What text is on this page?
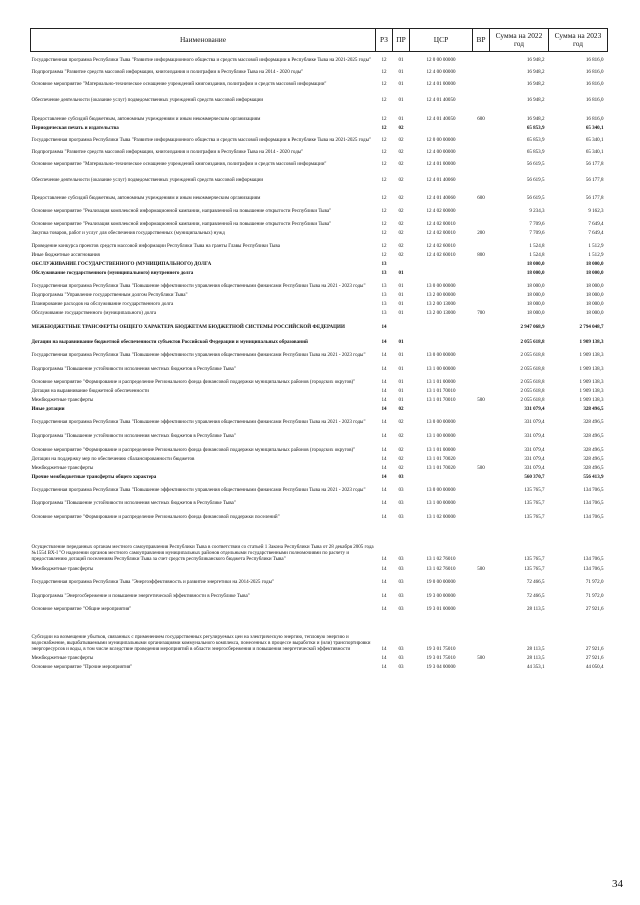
Наименование	РЗ	ПР	ЦСР	ВР	Сумма на 2022 год	Сумма на 2023 год
Государственная программа Республики Тыва "Развитие информационного общества и средств массовой информации в Республике Тыва на 2021-2025 годы"	12	01	12 0 00 00000		16 948,2	16 816,0
Подпрограмма "Развитие средств массовой информации, книгоиздания и полиграфии в Республике Тыва на 2014 - 2020 годы"	12	01	12 4 00 00000		16 948,2	16 816,0
Основное мероприятие "Материально-техническое оснащение учреждений книгоиздания, полиграфии и средств массовой информации"	12	01	12 4 01 00000		16 948,2	16 816,0
Обеспечение деятельности (оказание услуг) подведомственных учреждений средств массовой информации	12	01	12 4 01 40050		16 948,2	16 816,0
Предоставление субсидий бюджетным, автономным учреждениям и иным некоммерческим организациям	12	01	12 4 01 40050	600	16 948,2	16 816,0
Периодическая печать и издательства	12	02			65 853,9	65 340,1
Государственная программа Республики Тыва "Развитие информационного общества и средств массовой информации в Республике Тыва на 2021-2025 годы"	12	02	12 0 00 00000		65 853,9	65 340,1
Подпрограмма "Развитие средств массовой информации, книгоиздания и полиграфии в Республике Тыва на 2014 - 2020 годы"	12	02	12 4 00 00000		65 853,9	65 340,1
Основное мероприятие "Материально-техническое оснащение учреждений книгоиздания, полиграфии и средств массовой информации"	12	02	12 4 01 00000		56 619,5	56 177,8
Обеспечение деятельности (оказание услуг) подведомственных учреждений средств массовой информации	12	02	12 4 01 40060		56 619,5	56 177,8
Предоставление субсидий бюджетным, автономным учреждениям и иным некоммерческим организациям	12	02	12 4 01 40060	600	56 619,5	56 177,8
Основное мероприятие "Реализация комплексной информационной кампании, направленной на повышение открытости Республики Тыва"	12	02	12 4 02 00000		9 234,3	9 162,3
Основное мероприятие "Реализация комплексной информационной кампании, направленной на повышение открытости Республики Тыва"	12	02	12 4 02 00010		7 709,6	7 649,4
Закупка товаров, работ и услуг для обеспечения государственных (муниципальных) нужд	12	02	12 4 02 00010	200	7 709,6	7 649,4
Проведение конкурса проектов средств массовой информации Республики Тыва на гранты Главы Республики Тыва	12	02	12 4 02 60010		1 524,8	1 512,9
Иные бюджетные ассигнования	12	02	12 4 02 60010	800	1 524,8	1 512,9
ОБСЛУЖИВАНИЕ ГОСУДАРСТВЕННОГО (МУНИЦИПАЛЬНОГО) ДОЛГА	13				18 000,0	18 000,0
Обслуживание государственного (муниципального) внутреннего долга	13	01			18 000,0	18 000,0
Государственная программа Республики Тыва "Повышение эффективности управления общественными финансами Республики Тыва на 2021 - 2023 годы"	13	01	13 0 00 00000		18 000,0	18 000,0
Подпрограмма "Управление государственным долгом Республики Тыва"	13	01	13 2 00 00000		18 000,0	18 000,0
Планирование расходов на обслуживание государственного долга	13	01	13 2 00 13000		18 000,0	18 000,0
Обслуживание государственного (муниципального) долга	13	01	13 2 00 13000	700	18 000,0	18 000,0
МЕЖБЮДЖЕТНЫЕ ТРАНСФЕРТЫ ОБЩЕГО ХАРАКТЕРА БЮДЖЕТАМ БЮДЖЕТНОЙ СИСТЕМЫ РОССИЙСКОЙ ФЕДЕРАЦИИ	14				2 947 068,9	2 794 048,7
Дотации на выравнивание бюджетной обеспеченности субъектов Российской Федерации и муниципальных образований	14	01			2 055 618,8	1 909 138,3
Государственная программа Республики Тыва "Повышение эффективности управления общественными финансами Республики Тыва на 2021 - 2023 годы"	14	01	13 0 00 00000		2 055 618,8	1 909 138,3
Подпрограмма "Повышение устойчивости исполнения местных бюджетов в Республике Тыва"	14	01	13 1 00 00000		2 055 618,8	1 909 138,3
Основное мероприятие "Формирование и распределение Регионального фонда финансовой поддержки муниципальных районов (городских округов)"	14	01	13 1 01 00000		2 055 618,8	1 909 138,3
Дотация на выравнивание бюджетной обеспеченности	14	01	13 1 01 70010		2 055 618,8	1 909 138,3
Межбюджетные трансферты	14	01	13 1 01 70010	500	2 055 618,8	1 909 138,3
Иные дотации	14	02			331 079,4	328 496,5
Государственная программа Республики Тыва "Повышение эффективности управления общественными финансами Республики Тыва на 2021 - 2023 годы"	14	02	13 0 00 00000		331 079,4	328 496,5
Подпрограмма "Повышение устойчивости исполнения местных бюджетов в Республике Тыва"	14	02	13 1 00 00000		331 079,4	328 496,5
Основное мероприятие "Формирование и распределение Регионального фонда финансовой поддержки муниципальных районов (городских округов)"	14	02	13 1 01 00000		331 079,4	328 496,5
Дотации на поддержку мер по обеспечению сбалансированности бюджетов	14	02	13 1 01 70020		331 079,4	328 496,5
Межбюджетные трансферты	14	02	13 1 01 70020	500	331 079,4	328 496,5
Прочие межбюджетные трансферты общего характера	14	03			560 370,7	556 413,9
Государственная программа Республики Тыва "Повышение эффективности управления общественными финансами Республики Тыва на 2021 - 2023 годы"	14	03	13 0 00 00000		135 765,7	134 706,5
Подпрограмма "Повышение устойчивости исполнения местных бюджетов в Республике Тыва"	14	03	13 1 00 00000		135 765,7	134 706,5
Основное мероприятие "Формирование и распределение Регионального фонда финансовой поддержки поселений"	14	03	13 1 02 00000		135 765,7	134 706,5
Осуществление переданных органам местного самоуправления Республики Тыва в соответствии со статьей 1 Закона Республики Тыва от 28 декабря 2005 года №1554 ВХ-I "О наделении органов местного самоуправления муниципальных районов отдельными государственными полномочиями по расчету и предоставлению дотаций поселениям Республики Тыва за счет средств республиканского бюджета Республики Тыва"	14	03	13 1 02 76010		135 765,7	134 706,5
Межбюджетные трансферты	14	03	13 1 02 76010	500	135 765,7	134 706,5
Государственная программа Республики Тыва "Энергоэффективность и развитие энергетики на 2014-2025 годы"	14	03	19 0 00 00000		72 466,5	71 972,0
Подпрограмма "Энергосбережение и повышение энергетической эффективности в Республике Тыва"	14	03	19 3 00 00000		72 466,5	71 972,0
Основное мероприятие "Общие мероприятия"	14	03	19 3 01 00000		28 113,5	27 921,6
Субсидии на возмещение убытков, связанных с применением государственных регулируемых цен на электрическую энергию, тепловую энергию и водоснабжение, вырабатываемыми муниципальными организациями коммунального комплекса, понесенных в процессе выработки и (или) транспортировки энергоресурсов и воды, в том числе вследствие проведения мероприятий в области энергосбережения и повышения энергетической эффективности	14	03	19 3 01 75010		28 113,5	27 921,6
Межбюджетные трансферты	14	03	19 3 01 75010	500	28 113,5	27 921,6
Основное мероприятие "Прочие мероприятия"	14	03	19 3 04 00000		44 353,1	44 050,4
34
